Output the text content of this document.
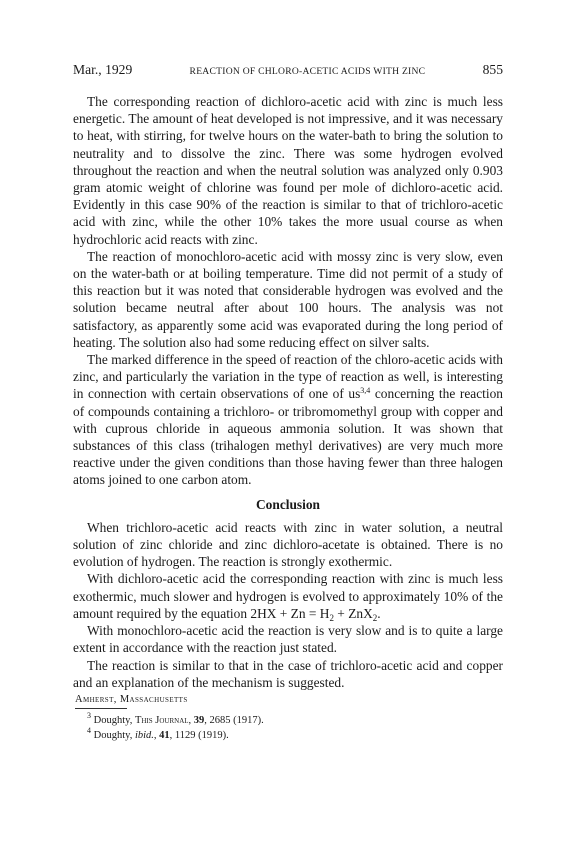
Mar., 1929	REACTION OF CHLORO-ACETIC ACIDS WITH ZINC	855

The corresponding reaction of dichloro-acetic acid with zinc is much less energetic. The amount of heat developed is not impressive, and it was necessary to heat, with stirring, for twelve hours on the water-bath to bring the solution to neutrality and to dissolve the zinc. There was some hydrogen evolved throughout the reaction and when the neutral solution was analyzed only 0.903 gram atomic weight of chlorine was found per mole of dichloro-acetic acid. Evidently in this case 90% of the reaction is similar to that of trichloro-acetic acid with zinc, while the other 10% takes the more usual course as when hydrochloric acid reacts with zinc.

The reaction of monochloro-acetic acid with mossy zinc is very slow, even on the water-bath or at boiling temperature. Time did not permit of a study of this reaction but it was noted that considerable hydrogen was evolved and the solution became neutral after about 100 hours. The analysis was not satisfactory, as apparently some acid was evaporated during the long period of heating. The solution also had some reducing effect on silver salts.

The marked difference in the speed of reaction of the chloro-acetic acids with zinc, and particularly the variation in the type of reaction as well, is interesting in connection with certain observations of one of us$^{3,4}$ concerning the reaction of compounds containing a trichloro- or tribromomethyl group with copper and with cuprous chloride in aqueous ammonia solution. It was shown that substances of this class (trihalogen methyl derivatives) are very much more reactive under the given conditions than those having fewer than three halogen atoms joined to one carbon atom.

Conclusion

When trichloro-acetic acid reacts with zinc in water solution, a neutral solution of zinc chloride and zinc dichloro-acetate is obtained. There is no evolution of hydrogen. The reaction is strongly exothermic.

With dichloro-acetic acid the corresponding reaction with zinc is much less exothermic, much slower and hydrogen is evolved to approximately 10% of the amount required by the equation $2HX + Zn = H_2 + ZnX_2$.

With monochloro-acetic acid the reaction is very slow and is to quite a large extent in accordance with the reaction just stated.

The reaction is similar to that in the case of trichloro-acetic acid and copper and an explanation of the mechanism is suggested.

Amherst, Massachusetts
$^3$ Doughty, This Journal, 39, 2685 (1917).
$^4$ Doughty, ibid., 41, 1129 (1919).
